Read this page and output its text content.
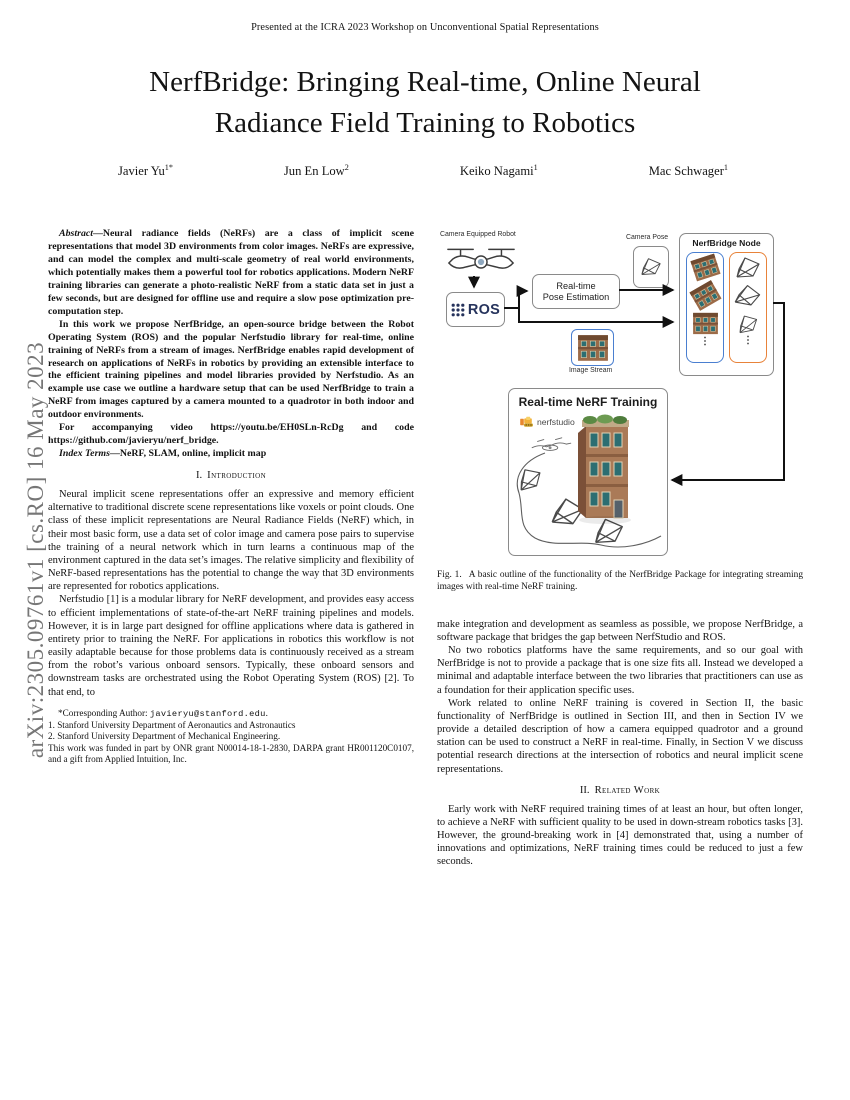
arXiv:2305.09761v1 [cs.RO] 16 May 2023
Presented at the ICRA 2023 Workshop on Unconventional Spatial Representations
NerfBridge: Bringing Real-time, Online Neural
Radiance Field Training to Robotics
Javier $Yu^{1*}$	Jun En Low$^2$	Keiko Nagami$^1$	Mac Schwager$^1$

Abstract—Neural radiance fields (NeRFs) are a class of implicit scene representations that model 3D environments from color images. NeRFs are expressive, and can model the complex and multi-scale geometry of real world environments, which potentially makes them a powerful tool for robotics applications. Modern NeRF training libraries can generate a photo-realistic NeRF from a static data set in just a few seconds, but are designed for offline use and require a slow pose optimization pre-computation step.

In this work we propose NerfBridge, an open-source bridge between the Robot Operating System (ROS) and the popular Nerfstudio library for real-time, online training of NeRFs from a stream of images. NerfBridge enables rapid development of research on applications of NeRFs in robotics by providing an extensible interface to the efficient training pipelines and model libraries provided by Nerfstudio. As an example use case we outline a hardware setup that can be used NerfBridge to train a NeRF from images captured by a camera mounted to a quadrotor in both indoor and outdoor environments.

For accompanying video https://youtu.be/EH0SLn-RcDg and code https://github.com/javieryu/nerf_bridge.

Index Terms—NeRF, SLAM, online, implicit map

I. Introduction

Neural implicit scene representations offer an expressive and memory efficient alternative to traditional discrete scene representations like voxels or point clouds. One class of these implicit representations are Neural Radiance Fields (NeRF) which, in their most basic form, use a data set of color image and camera pose pairs to supervise the training of a neural network which in turn learns a continuous map of the environment captured in the data set’s images. The relative simplicity and flexibility of NeRF-based representations has the potential to change the way that 3D environments are represented for robotics applications.

Nerfstudio [1] is a modular library for NeRF development, and provides easy access to efficient implementations of state-of-the-art NeRF training pipelines and models. However, it is in large part designed for offline applications where data is gathered in entirety prior to training the NeRF. For applications in robotics this workflow is not easily adaptable because for those problems data is continuously received as a stream from the robot’s various onboard sensors. Typically, these onboard sensors and downstream tasks are orchestrated using the Robot Operating System (ROS) [2]. To that end, to

*Corresponding Author: javieryu@stanford.edu.

1. Stanford University Department of Aeronautics and Astronautics

2. Stanford University Department of Mechanical Engineering.

This work was funded in part by ONR grant N00014-18-1-2830, DARPA grant HR001120C0107, and a gift from Applied Intuition, Inc.

Camera Equipped Robot
ROS
Real-time
Pose Estimation
Camera Pose
NerfBridge Node
⋮	⋮
Image Stream
Real-time NeRF Training
nerfstudio

Fig. 1. A basic outline of the functionality of the NerfBridge Package for integrating streaming images with real-time NeRF training.

make integration and development as seamless as possible, we propose NerfBridge, a software package that bridges the gap between NerfStudio and ROS.

No two robotics platforms have the same requirements, and so our goal with NerfBridge is not to provide a package that is one size fits all. Instead we developed a minimal and adaptable interface between the two libraries that practitioners can use as a foundation for their application specific uses.

Work related to online NeRF training is covered in Section II, the basic functionality of NerfBridge is outlined in Section III, and then in Section IV we provide a detailed description of how a camera equipped quadrotor and a ground station can be used to construct a NeRF in real-time. Finally, in Section V we discuss potential research directions at the intersection of robotics and neural implicit scene representations.

II. Related Work

Early work with NeRF required training times of at least an hour, but often longer, to achieve a NeRF with sufficient quality to be used in down-stream robotics tasks [3]. However, the ground-breaking work in [4] demonstrated that, using a number of innovations and optimizations, NeRF training times could be reduced to just a few seconds.
